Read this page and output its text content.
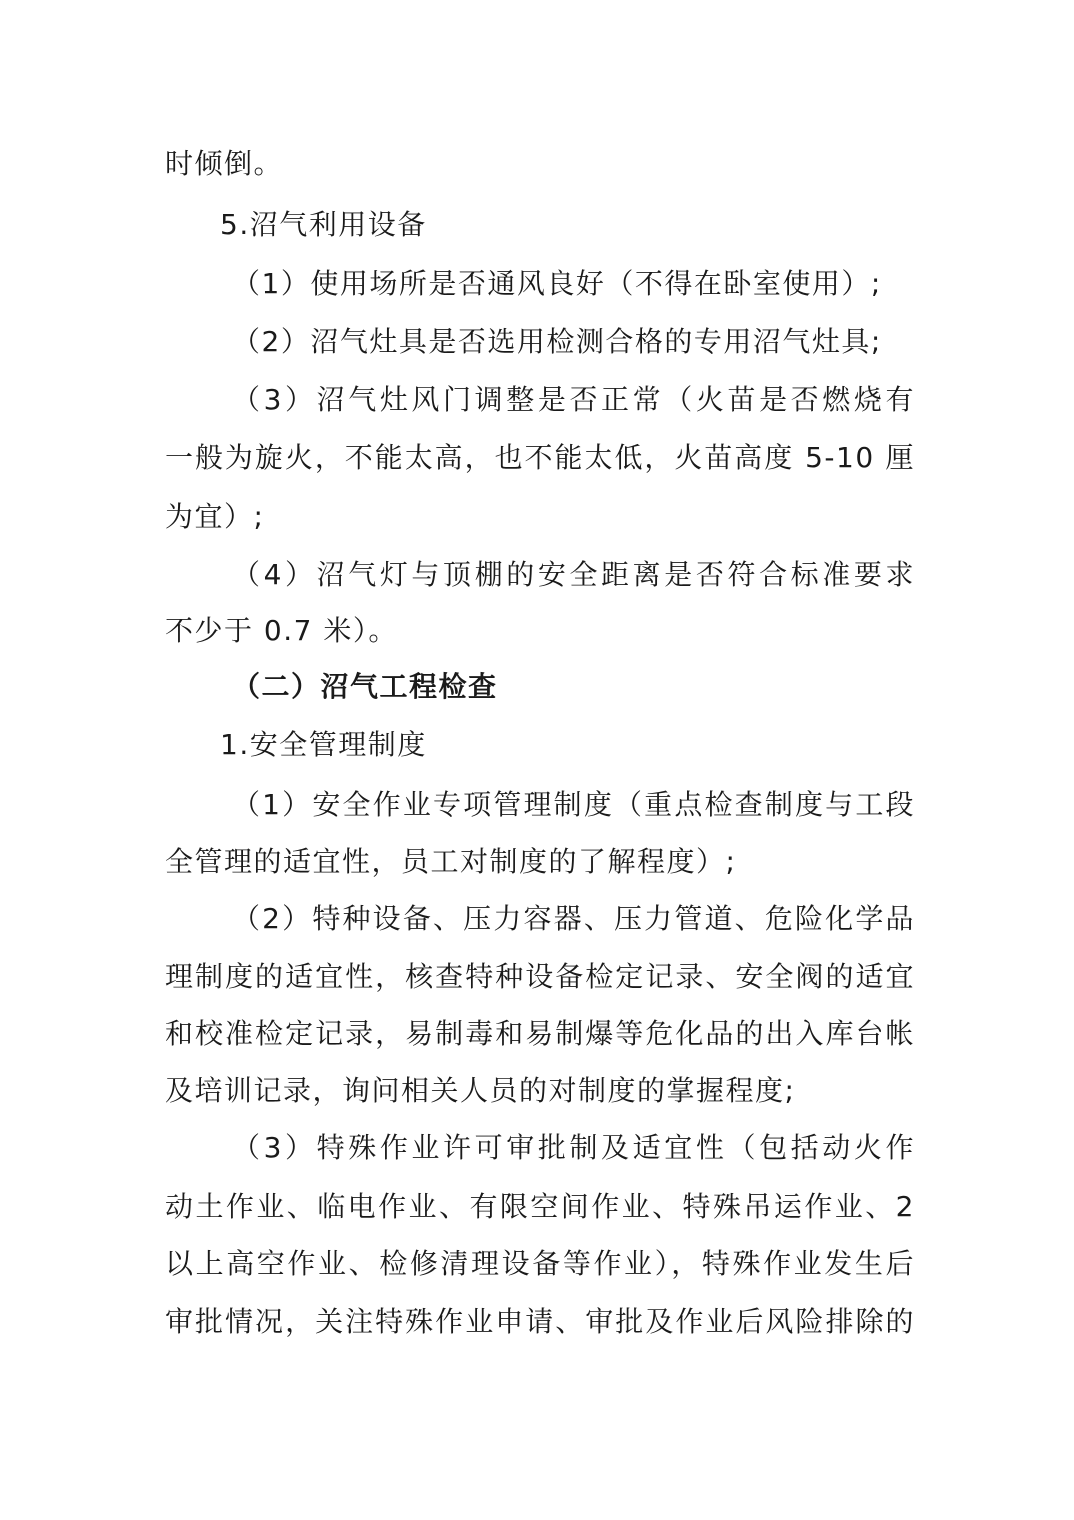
时倾倒。
5.沼气利用设备
（1）使用场所是否通风良好（不得在卧室使用）;
（2）沼气灶具是否选用检测合格的专用沼气灶具;
（3）沼气灶风门调整是否正常（火苗是否燃烧有
一般为旋火，不能太高，也不能太低，火苗高度 5-10 厘
为宜）;
（4）沼气灯与顶棚的安全距离是否符合标准要求
不少于 0.7 米）。
（二）沼气工程检查
1.安全管理制度
（1）安全作业专项管理制度（重点检查制度与工段
全管理的适宜性，员工对制度的了解程度）;
（2）特种设备、压力容器、压力管道、危险化学品
理制度的适宜性，核查特种设备检定记录、安全阀的适宜
和校准检定记录，易制毒和易制爆等危化品的出入库台帐
及培训记录，询问相关人员的对制度的掌握程度;
（3）特殊作业许可审批制及适宜性（包括动火作
动土作业、临电作业、有限空间作业、特殊吊运作业、2
以上高空作业、检修清理设备等作业），特殊作业发生后
审批情况，关注特殊作业申请、审批及作业后风险排除的
